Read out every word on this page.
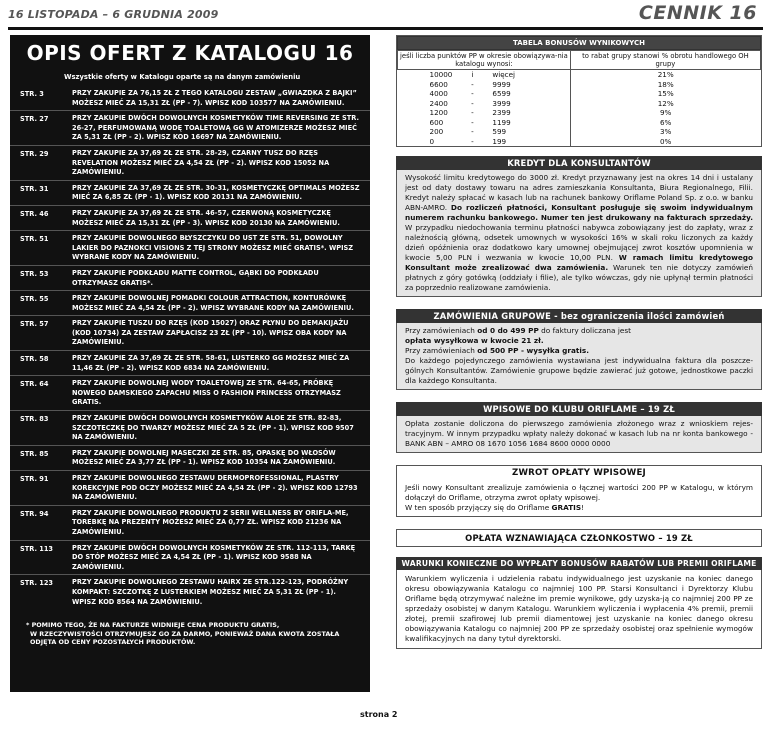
16 LISTOPADA – 6 GRUDNIA 2009	CENNIK 16
OPIS OFERT Z KATALOGU 16
Wszystkie oferty w Katalogu oparte są na danym zamówieniu
STR. 3	PRZY ZAKUPIE ZA 76,15 ZŁ Z TEGO KATALOGU ZESTAW „GWIAZDKA Z BAJKI” MOŻESZ MIEĆ ZA 15,31 ZŁ (PP - 7). WPISZ KOD 103577 NA ZAMÓWIENIU.
STR. 27	PRZY ZAKUPIE DWÓCH DOWOLNYCH KOSMETYKÓW TIME REVERSING ZE STR. 26-27, PERFUMOWANĄ WODĘ TOALETOWĄ GG W ATOMIZERZE MOŻESZ MIEĆ ZA 5,31 ZŁ (PP - 2). WPISZ KOD 16697 NA ZAMÓWIENIU.
STR. 29	PRZY ZAKUPIE ZA 37,69 ZŁ ZE STR. 28-29, CZARNY TUSZ DO RZĘS REVELATION MOŻESZ MIEĆ ZA 4,54 ZŁ (PP - 2). WPISZ KOD 15052 NA ZAMÓWIENIU.
STR. 31	PRZY ZAKUPIE ZA 37,69 ZŁ ZE STR. 30-31, KOSMETYCZKĘ OPTIMALS MOŻESZ MIEĆ ZA 6,85 ZŁ (PP - 1). WPISZ KOD 20131 NA ZAMÓWIENIU.
STR. 46	PRZY ZAKUPIE ZA 37,69 ZŁ ZE STR. 46-57, CZERWONĄ KOSMETYCZKĘ MOŻESZ MIEĆ ZA 15,31 ZŁ (PP - 3). WPISZ KOD 20130 NA ZAMÓWIENIU.
STR. 51	PRZY ZAKUPIE DOWOLNEGO BŁYSZCZYKU DO UST ZE STR. 51, DOWOLNY LAKIER DO PAZNOKCI VISIONS Z TEJ STRONY MOŻESZ MIEĆ GRATIS*. WPISZ WYBRANE KODY NA ZAMÓWIENIU.
STR. 53	PRZY ZAKUPIE PODKŁADU MATTE CONTROL, GĄBKI DO PODKŁADU OTRZYMASZ GRATIS*.
STR. 55	PRZY ZAKUPIE DOWOLNEJ POMADKI COLOUR ATTRACTION, KONTURÓWKĘ MOŻESZ MIEĆ ZA 4,54 ZŁ (PP - 2). WPISZ WYBRANE KODY NA ZAMÓWIENIU.
STR. 57	PRZY ZAKUPIE TUSZU DO RZĘS (KOD 15027) ORAZ PŁYNU DO DEMAKIJAŻU (KOD 10734) ZA ZESTAW ZAPŁACISZ 23 ZŁ (PP - 10). WPISZ OBA KODY NA ZAMÓWIENIU.
STR. 58	PRZY ZAKUPIE ZA 37,69 ZŁ ZE STR. 58-61, LUSTERKO GG MOŻESZ MIEĆ ZA 11,46 ZŁ (PP - 2). WPISZ KOD 6834 NA ZAMÓWIENIU.
STR. 64	PRZY ZAKUPIE DOWOLNEJ WODY TOALETOWEJ ZE STR. 64-65, PRÓBKĘ NOWEGO DAMSKIEGO ZAPACHU MISS O FASHION PRINCESS OTRZYMASZ GRATIS.
STR. 83	PRZY ZAKUPIE DWÓCH DOWOLNYCH KOSMETYKÓW ALOE ZE STR. 82-83, SZCZOTECZKĘ DO TWARZY MOŻESZ MIEĆ ZA 5 ZŁ (PP - 1). WPISZ KOD 9507 NA ZAMÓWIENIU.
STR. 85	PRZY ZAKUPIE DOWOLNEJ MASECZKI ZE STR. 85, OPASKĘ DO WŁOSÓW MOŻESZ MIEĆ ZA 3,77 ZŁ (PP - 1). WPISZ KOD 10354 NA ZAMÓWIENIU.
STR. 91	PRZY ZAKUPIE DOWOLNEGO ZESTAWU DERMOPROFESSIONAL, PLASTRY KOREKCYJNE POD OCZY MOŻESZ MIEĆ ZA 4,54 ZŁ (PP - 2). WPISZ KOD 12793 NA ZAMÓWIENIU.
STR. 94	PRZY ZAKUPIE DOWOLNEGO PRODUKTU Z SERII WELLNESS BY ORIFLA-ME, TOREBKĘ NA PREZENTY MOŻESZ MIEĆ ZA 0,77 ZŁ. WPISZ KOD 21236 NA ZAMÓWIENIU.
STR. 113	PRZY ZAKUPIE DWÓCH DOWOLNYCH KOSMETYKÓW ZE STR. 112-113, TARKĘ DO STÓP MOŻESZ MIEĆ ZA 4,54 ZŁ (PP - 1). WPISZ KOD 9588 NA ZAMÓWIENIU.
STR. 123	PRZY ZAKUPIE DOWOLNEGO ZESTAWU HAIRX ZE STR.122-123, PODRÓŻNY KOMPAKT: SZCZOTKĘ Z LUSTERKIEM MOŻESZ MIEĆ ZA 5,31 ZŁ (PP - 1). WPISZ KOD 8564 NA ZAMÓWIENIU.
* POMIMO TEGO, ŻE NA FAKTURZE WIDNIEJE CENA PRODUKTU GRATIS,
W RZECZYWISTOŚCI OTRZYMUJESZ GO ZA DARMO, PONIEWAŻ DANA KWOTA ZOSTAŁA
ODJĘTA OD CENY POZOSTAŁYCH PRODUKTÓW.
TABELA BONUSÓW WYNIKOWYCH
jeśli liczba punktów PP w okresie obowiązywa-nia katalogu wynosi:			to rabat grupy stanowi % obrotu handlowego OH grupy
10000	i	więcej	21%
6600	-	9999	18%
4000	-	6599	15%
2400	-	3999	12%
1200	-	2399	9%
600	-	1199	6%
200	-	599	3%
0	-	199	0%
KREDYT DLA KONSULTANTÓW
Wysokość limitu kredytowego do 3000 zł. Kredyt przyznawany jest na okres 14 dni i ustalany jest od daty dostawy towaru na adres zamieszkania Konsultanta, Biura Regionalnego, Filii. Kredyt należy spłacać w kasach lub na rachunek bankowy Oriflame Poland Sp. z o.o. w banku ABN-AMRO. Do rozliczeń płatności, Konsultant posługuje się swoim indywidualnym numerem rachunku bankowego. Numer ten jest drukowany na fakturach sprzedaży. W przypadku niedochowania terminu płatności nabywca zobowiązany jest do zapłaty, wraz z należnością główną, odsetek umownych w wysokości 16% w skali roku liczonych za każdy dzień opóźnienia oraz dodatkowo kary umownej obejmującej zwrot kosztów upomnienia w kwocie 5,00 PLN i wezwania w kwocie 10,00 PLN. W ramach limitu kredytowego Konsultant może zrealizować dwa zamówienia. Warunek ten nie dotyczy zamówień płatnych z góry gotówką (oddziały i filie), ale tylko wówczas, gdy nie upłynął termin płatności za poprzednio realizowane zamówienia.
ZAMÓWIENIA GRUPOWE - bez ograniczenia ilości zamówień
Przy zamówieniach od 0 do 499 PP do faktury doliczana jest
opłata wysyłkowa w kwocie 21 zł.
Przy zamówieniach od 500 PP - wysyłka gratis.
Do każdego pojedynczego zamówienia wystawiana jest indywidualna faktura dla poszcze-gólnych Konsultantów. Zamówienie grupowe będzie zawierać już gotowe, jednostkowe paczki dla każdego Konsultanta.
WPISOWE DO KLUBU ORIFLAME – 19 ZŁ
Opłata zostanie doliczona do pierwszego zamówienia złożonego wraz z wnioskiem rejes-tracyjnym. W innym przypadku wpłaty należy dokonać w kasach lub na nr konta bankowego - BANK ABN – AMRO 08 1670 1056 1684 8600 0000 0000
ZWROT OPŁATY WPISOWEJ
Jeśli nowy Konsultant zrealizuje zamówienia o łącznej wartości 200 PP w Katalogu, w którym dołączył do Oriflame, otrzyma zwrot opłaty wpisowej.
W ten sposób przyjączy się do Oriflame GRATIS!
OPŁATA WZNAWIAJĄCA CZŁONKOSTWO – 19 ZŁ
WARUNKI KONIECZNE DO WYPŁATY BONUSÓW RABATÓW LUB PREMII ORIFLAME
Warunkiem wyliczenia i udzielenia rabatu indywidualnego jest uzyskanie na koniec danego okresu obowiązywania Katalogu co najmniej 100 PP. Starsi Konsultanci i Dyrektorzy Klubu Oriflame będą otrzymywać należne im premie wynikowe, gdy uzyska-ją co najmniej 200 PP ze sprzedaży osobistej w danym Katalogu. Warunkiem wyliczenia i wypłacenia 4% premii, premii złotej, premii szafirowej lub premii diamentowej jest uzyskanie na koniec danego okresu obowiązywania Katalogu co najmniej 200 PP ze sprzedaży osobistej oraz spełnienie wymogów kwalifikacyjnych na dany tytuł dyrektorski.
strona 2
